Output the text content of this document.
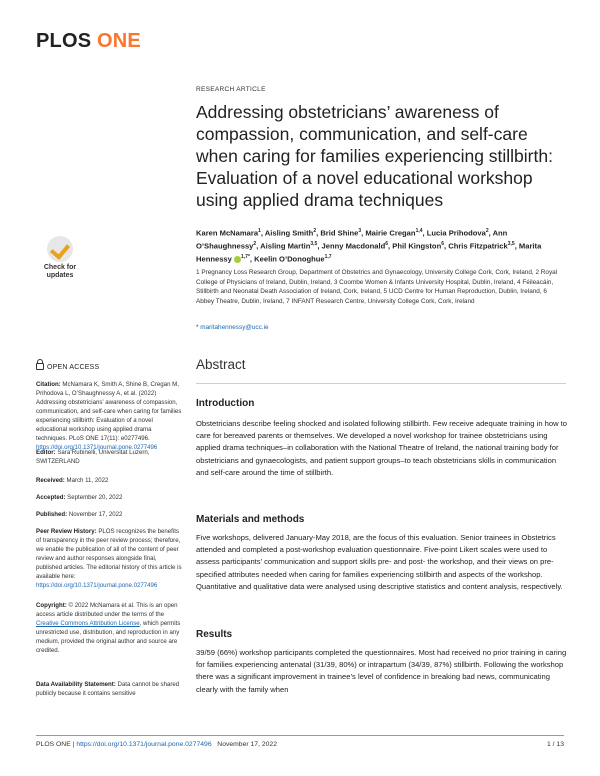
PLOS ONE
RESEARCH ARTICLE
Addressing obstetricians’ awareness of compassion, communication, and self-care when caring for families experiencing stillbirth: Evaluation of a novel educational workshop using applied drama techniques
Karen McNamara$^1$, Aisling Smith$^2$, Brid Shine$^3$, Mairie Cregan$^{1,4}$, Lucia Prihodova$^2$, Ann O’Shaughnessy$^2$, Aisling Martin$^{3,5}$, Jenny Macdonald$^6$, Phil Kingston$^6$, Chris Fitzpatrick$^{3,5}$, Marita Hennessy $^{1,7*}$, Keelin O’Donoghue$^{1,7}$
1 Pregnancy Loss Research Group, Department of Obstetrics and Gynaecology, University College Cork, Cork, Ireland, 2 Royal College of Physicians of Ireland, Dublin, Ireland, 3 Coombe Women & Infants University Hospital, Dublin, Ireland, 4 Féileacáin, Stillbirth and Neonatal Death Association of Ireland, Cork, Ireland, 5 UCD Centre for Human Reproduction, Dublin, Ireland, 6 Abbey Theatre, Dublin, Ireland, 7 INFANT Research Centre, University College Cork, Cork, Ireland
* maritahennessy@ucc.ie
Abstract
Introduction
Obstetricians describe feeling shocked and isolated following stillbirth. Few receive adequate training in how to care for bereaved parents or themselves. We developed a novel workshop for trainee obstetricians using applied drama techniques–in collaboration with the National Theatre of Ireland, the national training body for obstetricians and gynaecologists, and patient support groups–to teach obstetricians skills in communication and self-care around the time of stillbirth.
Materials and methods
Five workshops, delivered January-May 2018, are the focus of this evaluation. Senior trainees in Obstetrics attended and completed a post-workshop evaluation questionnaire. Five-point Likert scales were used to assess participants’ communication and support skills pre- and post- the workshop, and their views on pre-specified attributes needed when caring for families experiencing stillbirth and aspects of the workshop. Quantitative and qualitative data were analysed using descriptive statistics and content analysis, respectively.
Results
39/59 (66%) workshop participants completed the questionnaires. Most had received no prior training in caring for families experiencing antenatal (31/39, 80%) or intrapartum (34/39, 87%) stillbirth. Following the workshop there was a significant improvement in trainee’s level of confidence in breaking bad news, communicating clearly with the family when
Check for
updates
OPEN ACCESS
Citation: McNamara K, Smith A, Shine B, Cregan M, Prihodova L, O’Shaughnessy A, et al. (2022) Addressing obstetricians’ awareness of compassion, communication, and self-care when caring for families experiencing stillbirth: Evaluation of a novel educational workshop using applied drama techniques. PLoS ONE 17(11): e0277496. https://doi.org/10.1371/journal.pone.0277496
Editor: Sara Rubinelli, Universitat Luzern, SWITZERLAND
Received: March 11, 2022
Accepted: September 20, 2022
Published: November 17, 2022
Peer Review History: PLOS recognizes the benefits of transparency in the peer review process; therefore, we enable the publication of all of the content of peer review and author responses alongside final, published articles. The editorial history of this article is available here: https://doi.org/10.1371/journal.pone.0277496
Copyright: © 2022 McNamara et al. This is an open access article distributed under the terms of the Creative Commons Attribution License, which permits unrestricted use, distribution, and reproduction in any medium, provided the original author and source are credited.
Data Availability Statement: Data cannot be shared publicly because it contains sensitive
PLOS ONE | https://doi.org/10.1371/journal.pone.0277496 November 17, 2022	1 / 13
